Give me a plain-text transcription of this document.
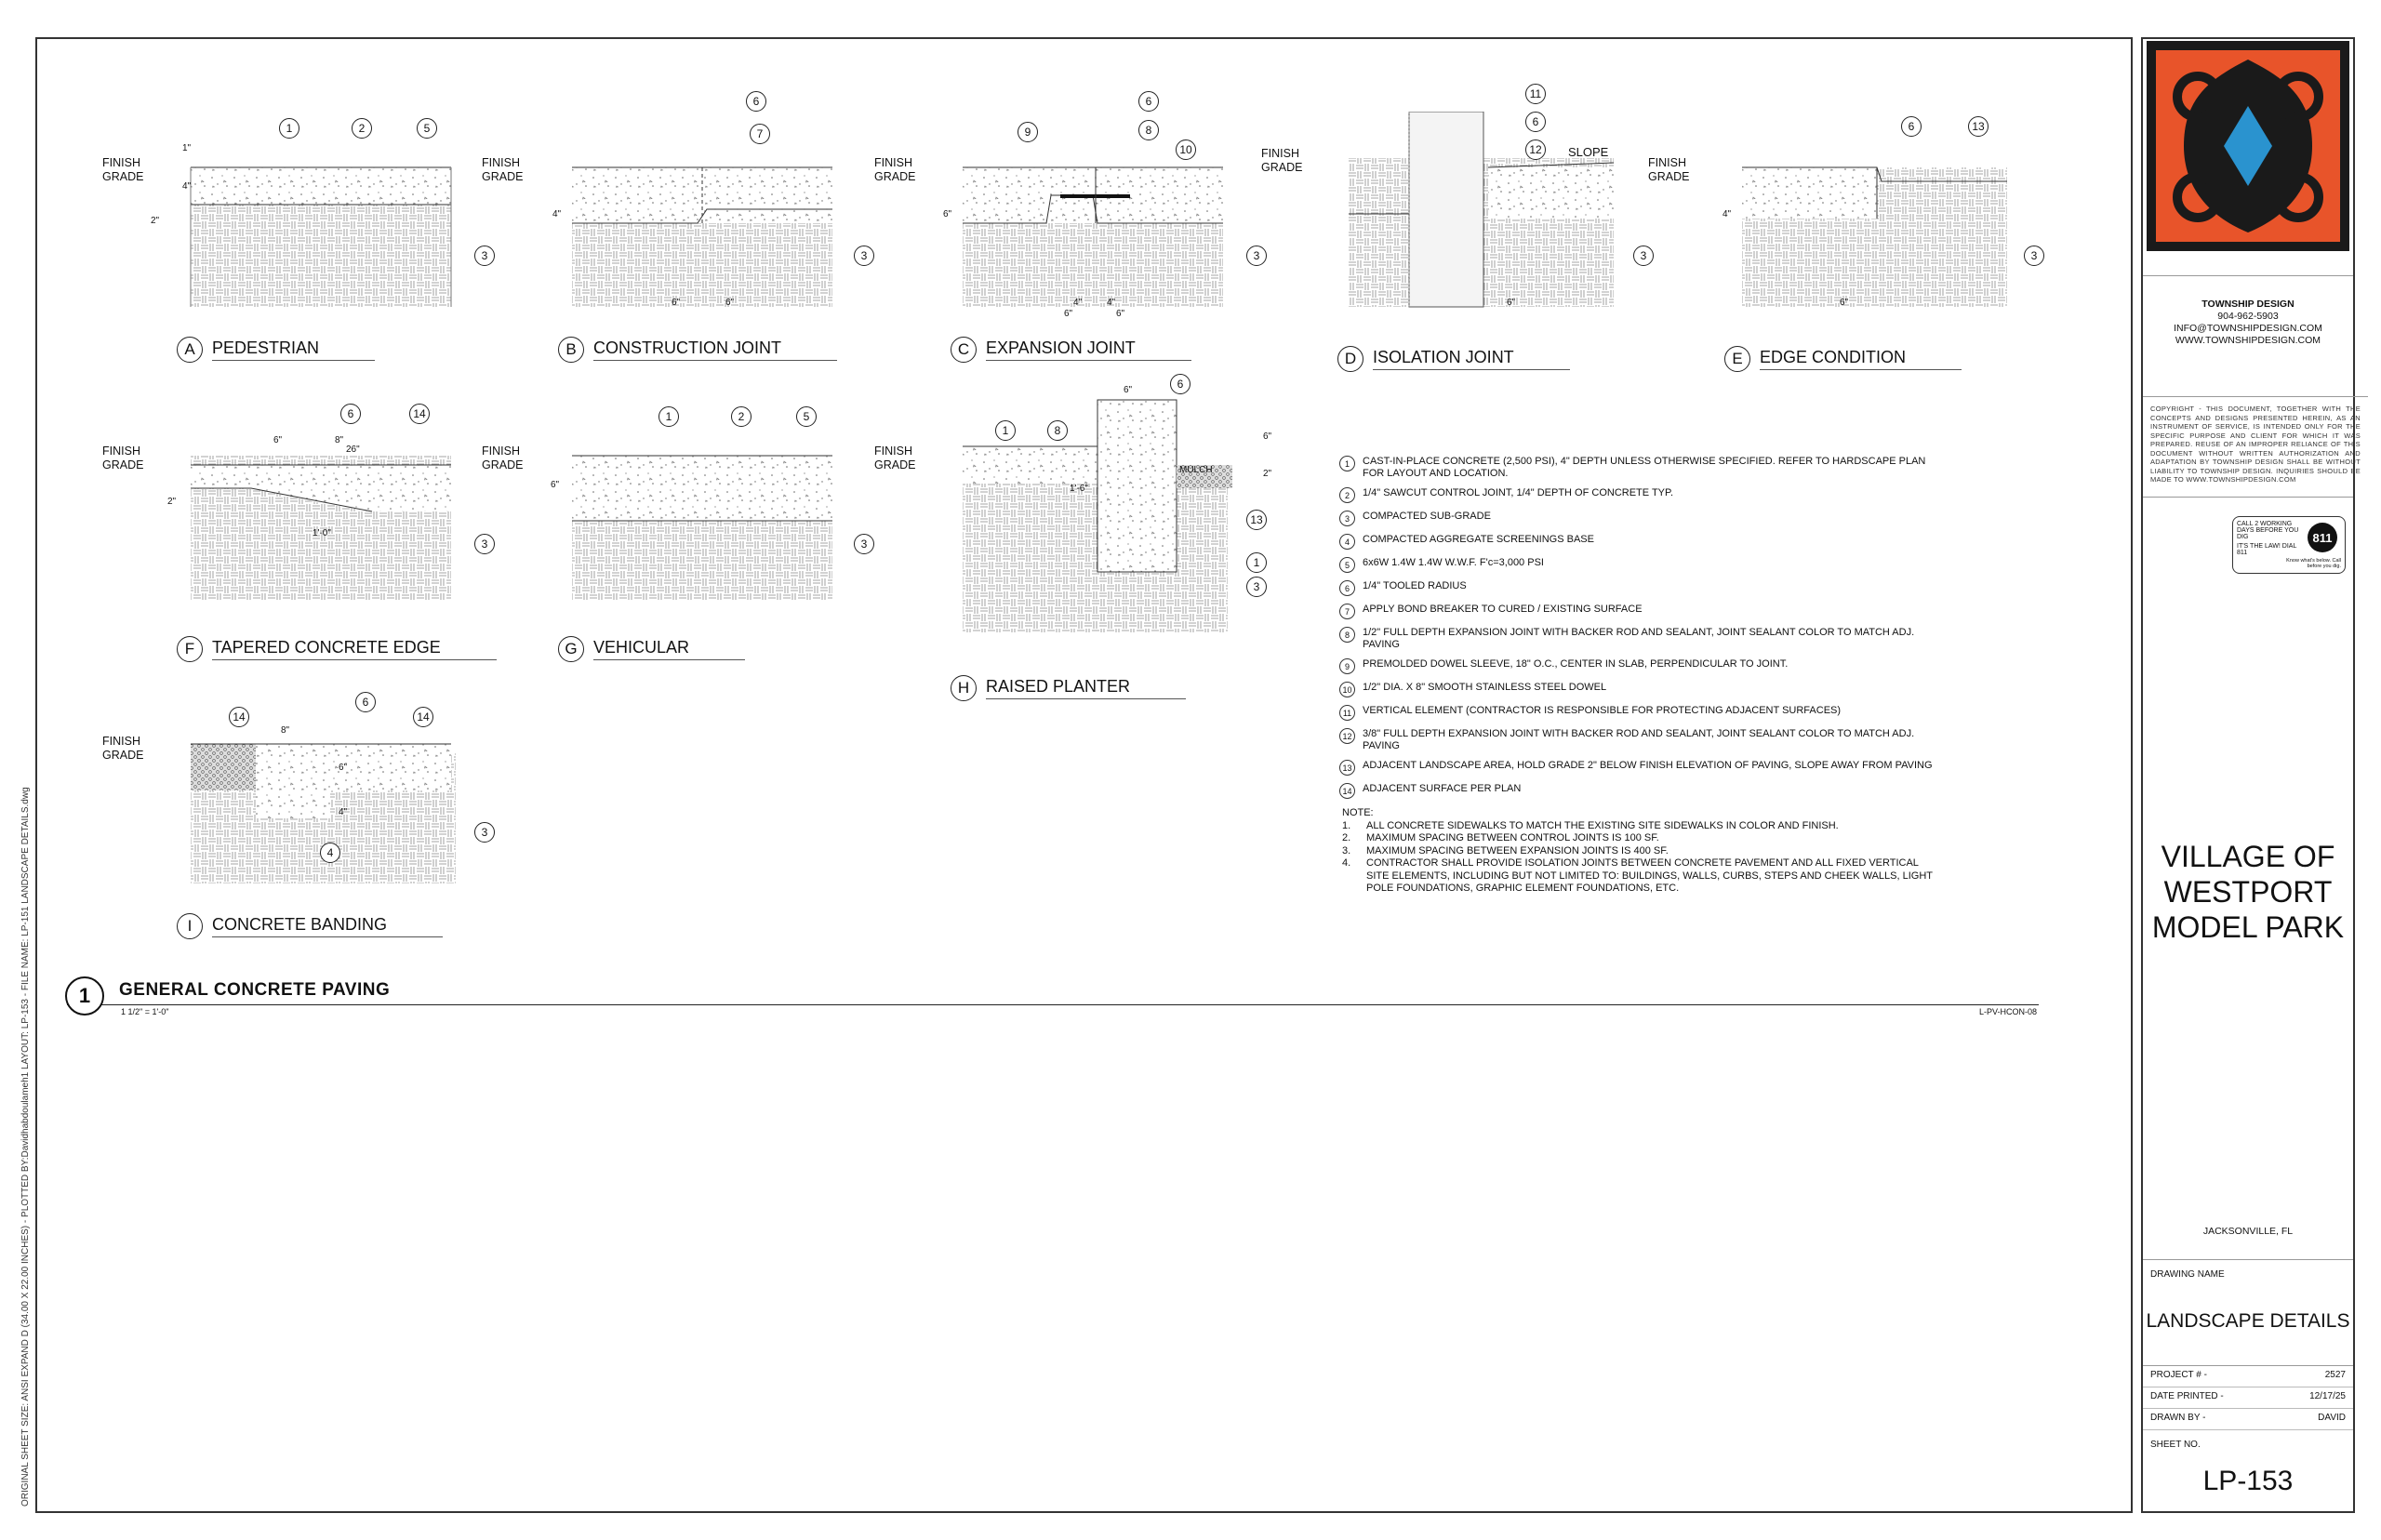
ORIGINAL SHEET SIZE: ANSI EXPAND D (34.00 X 22.00 INCHES) - PLOTTED BY:Davidhabdoulameh1 LAYOUT: LP-153 - FILE NAME: LP-151 LANDSCAPE DETAILS.dwg
FINISH
GRADE
1	2	5
3
1"
4"
2"
A	PEDESTRIAN
FINISH
GRADE
6
7
3
4"
6"	6"
B	CONSTRUCTION JOINT
FINISH
GRADE
9
6
8
10
3
6"
4"	4"
6"	6"
C EXPANSION JOINT
FINISH
GRADE
11
6
12
3
SLOPE
6"
D ISOLATION JOINT
FINISH
GRADE
6	13
3
4"
6"
E	EDGE CONDITION
FINISH
GRADE
6	14
3
6"	8"
26"
2"
1'-0"
F	TAPERED CONCRETE EDGE
FINISH
GRADE
1	2	5
3
6"
G VEHICULAR
FINISH
GRADE
6
1	8
1
13
3
MULCH
6"
1'-6"
6"
2"
H RAISED PLANTER
FINISH
GRADE
14
6
14
4
3
8"
6"
4"
I	CONCRETE BANDING
1	CAST-IN-PLACE CONCRETE (2,500 PSI), 4" DEPTH UNLESS OTHERWISE SPECIFIED. REFER TO HARDSCAPE PLAN FOR LAYOUT AND LOCATION.
2	1/4" SAWCUT CONTROL JOINT, 1/4" DEPTH OF CONCRETE TYP.
3	COMPACTED SUB-GRADE
4	COMPACTED AGGREGATE SCREENINGS BASE
5	6x6W 1.4W 1.4W W.W.F. F'c=3,000 PSI
6	1/4" TOOLED RADIUS
7	APPLY BOND BREAKER TO CURED / EXISTING SURFACE
8	1/2" FULL DEPTH EXPANSION JOINT WITH BACKER ROD AND SEALANT, JOINT SEALANT COLOR TO MATCH ADJ. PAVING
9	PREMOLDED DOWEL SLEEVE, 18" O.C., CENTER IN SLAB, PERPENDICULAR TO JOINT.
10	1/2" DIA. X 8" SMOOTH STAINLESS STEEL DOWEL
11	VERTICAL ELEMENT (CONTRACTOR IS RESPONSIBLE FOR PROTECTING ADJACENT SURFACES)
12	3/8" FULL DEPTH EXPANSION JOINT WITH BACKER ROD AND SEALANT, JOINT SEALANT COLOR TO MATCH ADJ. PAVING
13	ADJACENT LANDSCAPE AREA, HOLD GRADE 2" BELOW FINISH ELEVATION OF PAVING, SLOPE AWAY FROM PAVING
14	ADJACENT SURFACE PER PLAN
NOTE:
1.	ALL CONCRETE SIDEWALKS TO MATCH THE EXISTING SITE SIDEWALKS IN COLOR AND FINISH.
2.	MAXIMUM SPACING BETWEEN CONTROL JOINTS IS 100 SF.
3.	MAXIMUM SPACING BETWEEN EXPANSION JOINTS IS 400 SF.
4.	CONTRACTOR SHALL PROVIDE ISOLATION JOINTS BETWEEN CONCRETE PAVEMENT AND ALL FIXED VERTICAL SITE ELEMENTS, INCLUDING BUT NOT LIMITED TO: BUILDINGS, WALLS, CURBS, STEPS AND CHEEK WALLS, LIGHT POLE FOUNDATIONS, GRAPHIC ELEMENT FOUNDATIONS, ETC.
1	GENERAL CONCRETE PAVING
1 1/2" = 1'-0"	L-PV-HCON-08
TOWNSHIP DESIGN
904-962-5903
INFO@TOWNSHIPDESIGN.COM
WWW.TOWNSHIPDESIGN.COM
COPYRIGHT - THIS DOCUMENT, TOGETHER WITH THE CONCEPTS AND DESIGNS PRESENTED HEREIN, AS AN INSTRUMENT OF SERVICE, IS INTENDED ONLY FOR THE SPECIFIC PURPOSE AND CLIENT FOR WHICH IT WAS PREPARED. REUSE OF AN IMPROPER RELIANCE OF THIS DOCUMENT WITHOUT WRITTEN AUTHORIZATION AND ADAPTATION BY TOWNSHIP DESIGN SHALL BE WITHOUT LIABILITY TO TOWNSHIP DESIGN. INQUIRIES SHOULD BE MADE TO WWW.TOWNSHIPDESIGN.COM
CALL 2 WORKING DAYS BEFORE YOU DIG
IT'S THE LAW! DIAL 811
811
Know what's below. Call before you dig.
VILLAGE OF
WESTPORT
MODEL PARK
JACKSONVILLE, FL
DRAWING NAME
LANDSCAPE DETAILS
PROJECT # -	2527
DATE PRINTED -	12/17/25
DRAWN BY -	DAVID
SHEET NO.
LP-153
